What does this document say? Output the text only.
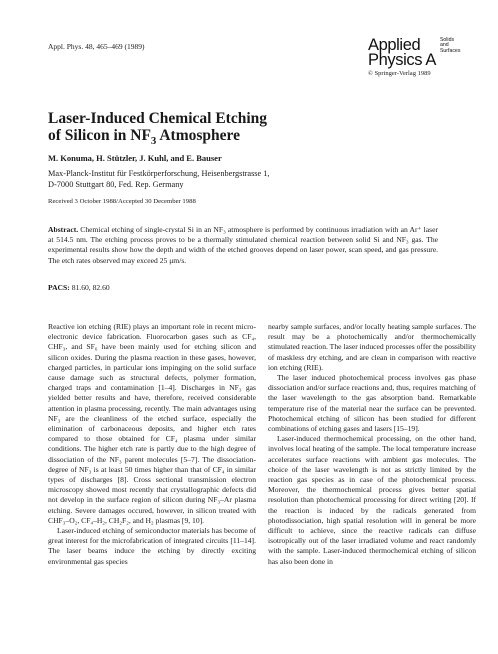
Appl. Phys. 48, 465–469 (1989)	Applied
Physics A
Solids
and
Surfaces
© Springer-Verlag 1989
Laser-Induced Chemical Etching
of Silicon in $NF_3$ Atmosphere
M. Konuma, H. Stützler, J. Kuhl, and E. Bauser
Max-Planck-Institut für Festkörperforschung, Heisenbergstrasse 1,
D-7000 Stuttgart 80, Fed. Rep. Germany
Received 3 October 1988/Accepted 30 December 1988
Abstract. Chemical etching of single-crystal Si in an NF₃ atmosphere is performed by continuous irradiation with an Ar⁺ laser at 514.5 nm. The etching process proves to be a thermally stimulated chemical reaction between solid Si and NF₃ gas. The experimental results show how the depth and width of the etched grooves depend on laser power, scan speed, and gas pressure. The etch rates observed may exceed 25 μm/s.
PACS: 81.60, 82.60

Reactive ion etching (RIE) plays an important role in recent micro-electronic device fabrication. Fluorocarbon gases such as CF₄, CHF₃, and SF₆ have been mainly used for etching silicon and silicon oxides. During the plasma reaction in these gases, however, charged particles, in particular ions impinging on the solid surface cause damage such as structural defects, polymer formation, charged traps and contamination [1–4]. Discharges in NF₃ gas yielded better results and have, therefore, received considerable attention in plasma processing, recently. The main advantages using NF₃ are the cleanliness of the etched surface, especially the elimination of carbonaceous deposits, and higher etch rates compared to those obtained for CF₄ plasma under similar conditions. The higher etch rate is partly due to the high degree of dissociation of the NF₃ parent molecules [5–7]. The dissociation-degree of NF₃ is at least 50 times higher than that of CF₄ in similar types of discharges [8]. Cross sectional transmission electron microscopy showed most recently that crystallographic defects did not develop in the surface region of silicon during NF₃–Ar plasma etching. Severe damages occured, however, in silicon treated with CHF₃–O₂, CF₄–H₂, CH₂F₂, and H₂ plasmas [9, 10].

Laser-induced etching of semiconductor materials has become of great interest for the microfabrication of integrated circuits [11–14]. The laser beams induce the etching by directly exciting environmental gas species

nearby sample surfaces, and/or locally heating sample surfaces. The result may be a photochemically and/or thermochemically stimulated reaction. The laser induced processes offer the possibility of maskless dry etching, and are clean in comparison with reactive ion etching (RIE).

The laser induced photochemical process involves gas phase dissociation and/or surface reactions and, thus, requires matching of the laser wavelength to the gas absorption band. Remarkable temperature rise of the material near the surface can be prevented. Photochemical etching of silicon has been studied for different combinations of etching gases and lasers [15–19].

Laser-induced thermochemical processing, on the other hand, involves local heating of the sample. The local temperature increase accelerates surface reactions with ambient gas molecules. The choice of the laser wavelength is not as strictly limited by the reaction gas species as in case of the photochemical process. Moreover, the thermochemical process gives better spatial resolution than photochemical processing for direct writing [20]. If the reaction is induced by the radicals generated from photodissociation, high spatial resolution will in general be more difficult to achieve, since the reactive radicals can diffuse isotropically out of the laser irradiated volume and react randomly with the sample. Laser-induced thermochemical etching of silicon has also been done in
